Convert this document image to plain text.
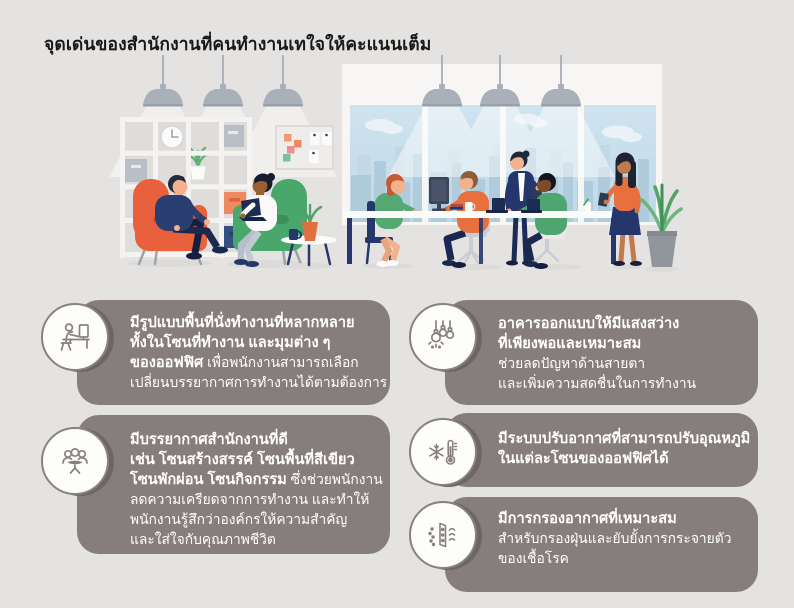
จุดเด่นของสำนักงานที่คนทำงานเทใจให้คะแนนเต็ม
มีรูปแบบพื้นที่นั่งทำงานที่หลากหลาย
ทั้งในโซนที่ทำงาน และมุมต่าง ๆ
ของออฟฟิศ เพื่อพนักงานสามารถเลือก
เปลี่ยนบรรยากาศการทำงานได้ตามต้องการ
มีบรรยากาศสำนักงานที่ดี
เช่น โซนสร้างสรรค์ โซนพื้นที่สีเขียว
โซนพักผ่อน โซนกิจกรรม ซึ่งช่วยพนักงาน
ลดความเครียดจากการทำงาน และทำให้
พนักงานรู้สึกว่าองค์กรให้ความสำคัญ
และใส่ใจกับคุณภาพชีวิต
อาคารออกแบบให้มีแสงสว่าง
ที่เพียงพอและเหมาะสม
ช่วยลดปัญหาด้านสายตา
และเพิ่มความสดชื่นในการทำงาน
มีระบบปรับอากาศที่สามารถปรับอุณหภูมิ
ในแต่ละโซนของออฟฟิศได้
มีการกรองอากาศที่เหมาะสม
สำหรับกรองฝุ่นและยับยั้งการกระจายตัว
ของเชื้อโรค
